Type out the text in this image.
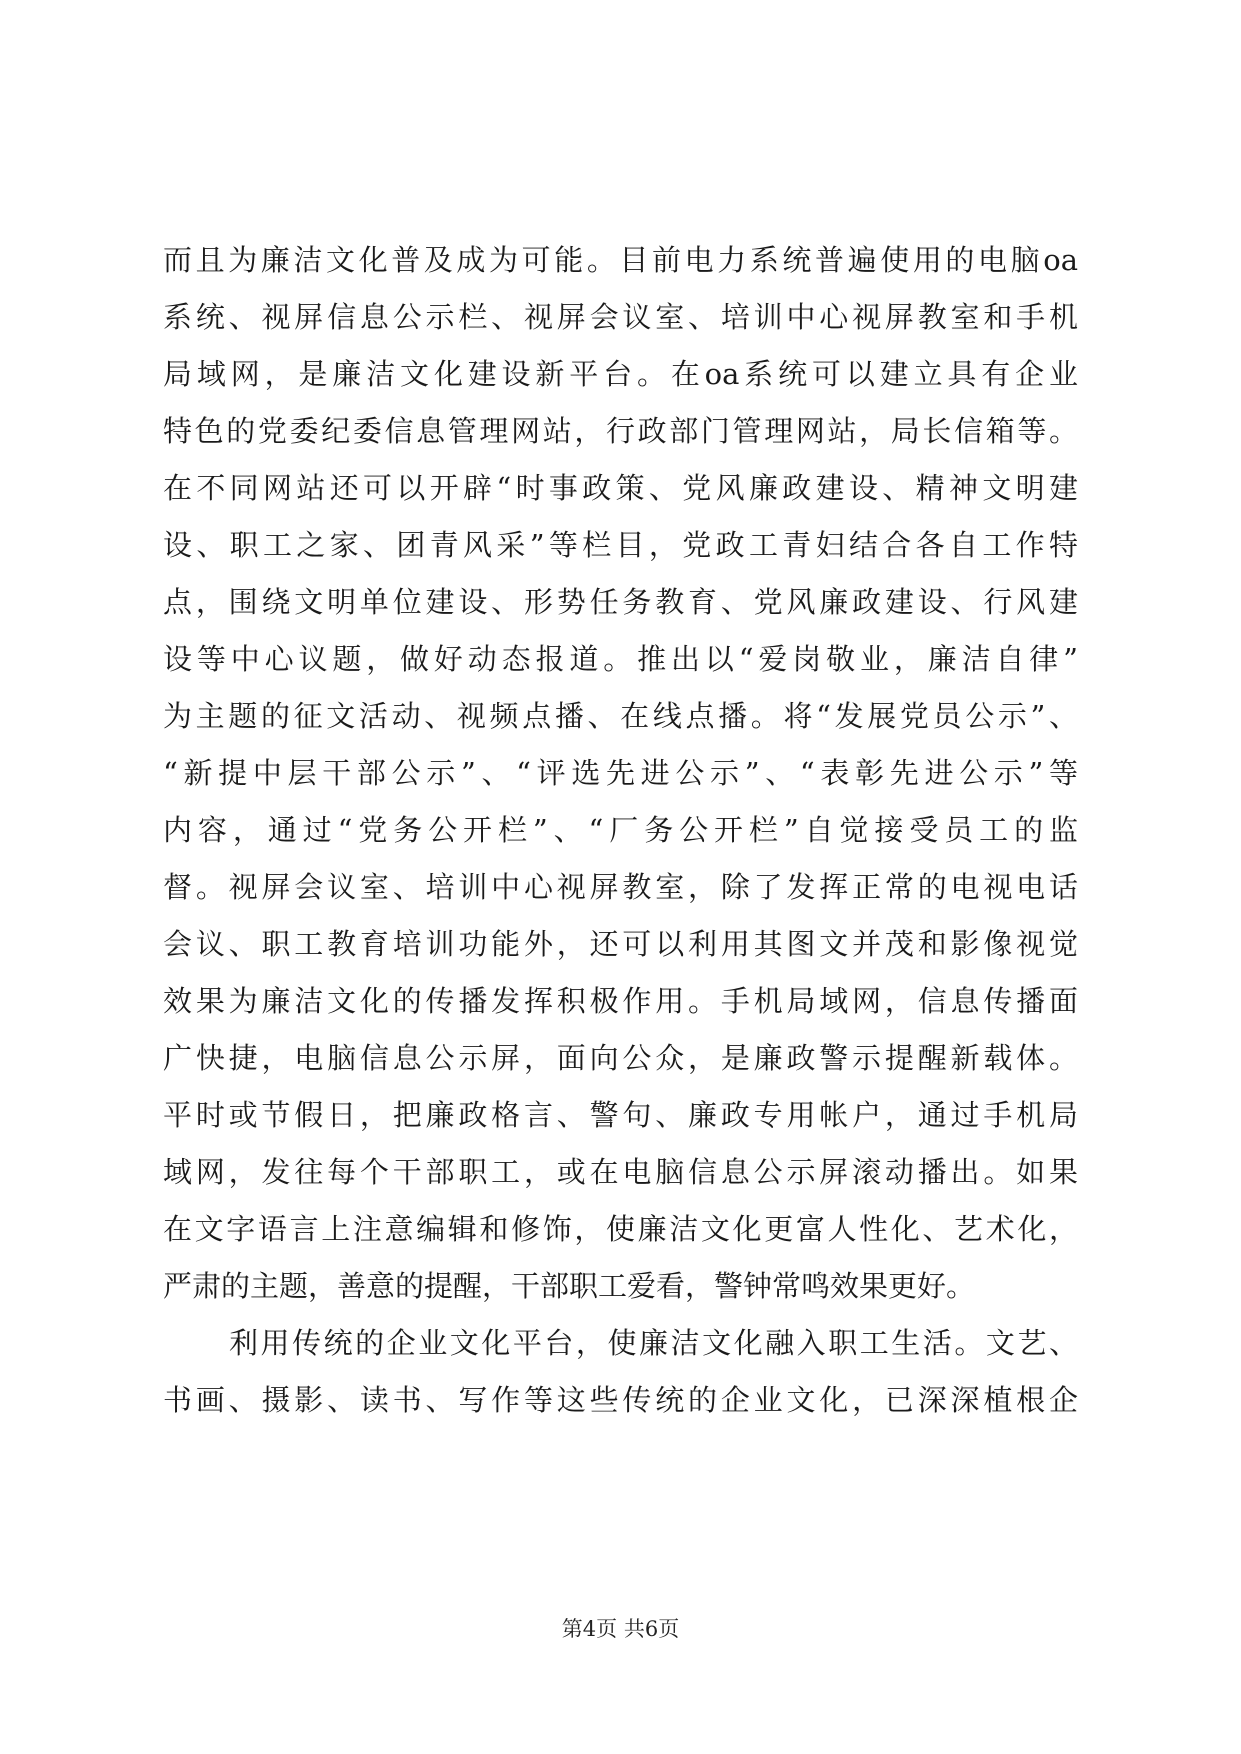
而且为廉洁文化普及成为可能。目前电力系统普遍使用的电脑oa
系统、视屏信息公示栏、视屏会议室、培训中心视屏教室和手机
局域网，是廉洁文化建设新平台。在oa系统可以建立具有企业
特色的党委纪委信息管理网站，行政部门管理网站，局长信箱等。
在不同网站还可以开辟“时事政策、党风廉政建设、精神文明建
设、职工之家、团青风采”等栏目，党政工青妇结合各自工作特
点，围绕文明单位建设、形势任务教育、党风廉政建设、行风建
设等中心议题，做好动态报道。推出以“爱岗敬业，廉洁自律”
为主题的征文活动、视频点播、在线点播。将“发展党员公示”、
“新提中层干部公示”、“评选先进公示”、“表彰先进公示”等
内容，通过“党务公开栏”、“厂务公开栏”自觉接受员工的监
督。视屏会议室、培训中心视屏教室，除了发挥正常的电视电话
会议、职工教育培训功能外，还可以利用其图文并茂和影像视觉
效果为廉洁文化的传播发挥积极作用。手机局域网，信息传播面
广快捷，电脑信息公示屏，面向公众，是廉政警示提醒新载体。
平时或节假日，把廉政格言、警句、廉政专用帐户，通过手机局
域网，发往每个干部职工，或在电脑信息公示屏滚动播出。如果
在文字语言上注意编辑和修饰，使廉洁文化更富人性化、艺术化，
严肃的主题，善意的提醒，干部职工爱看，警钟常鸣效果更好。
利用传统的企业文化平台，使廉洁文化融入职工生活。文艺、
书画、摄影、读书、写作等这些传统的企业文化，已深深植根企
第4页 共6页
